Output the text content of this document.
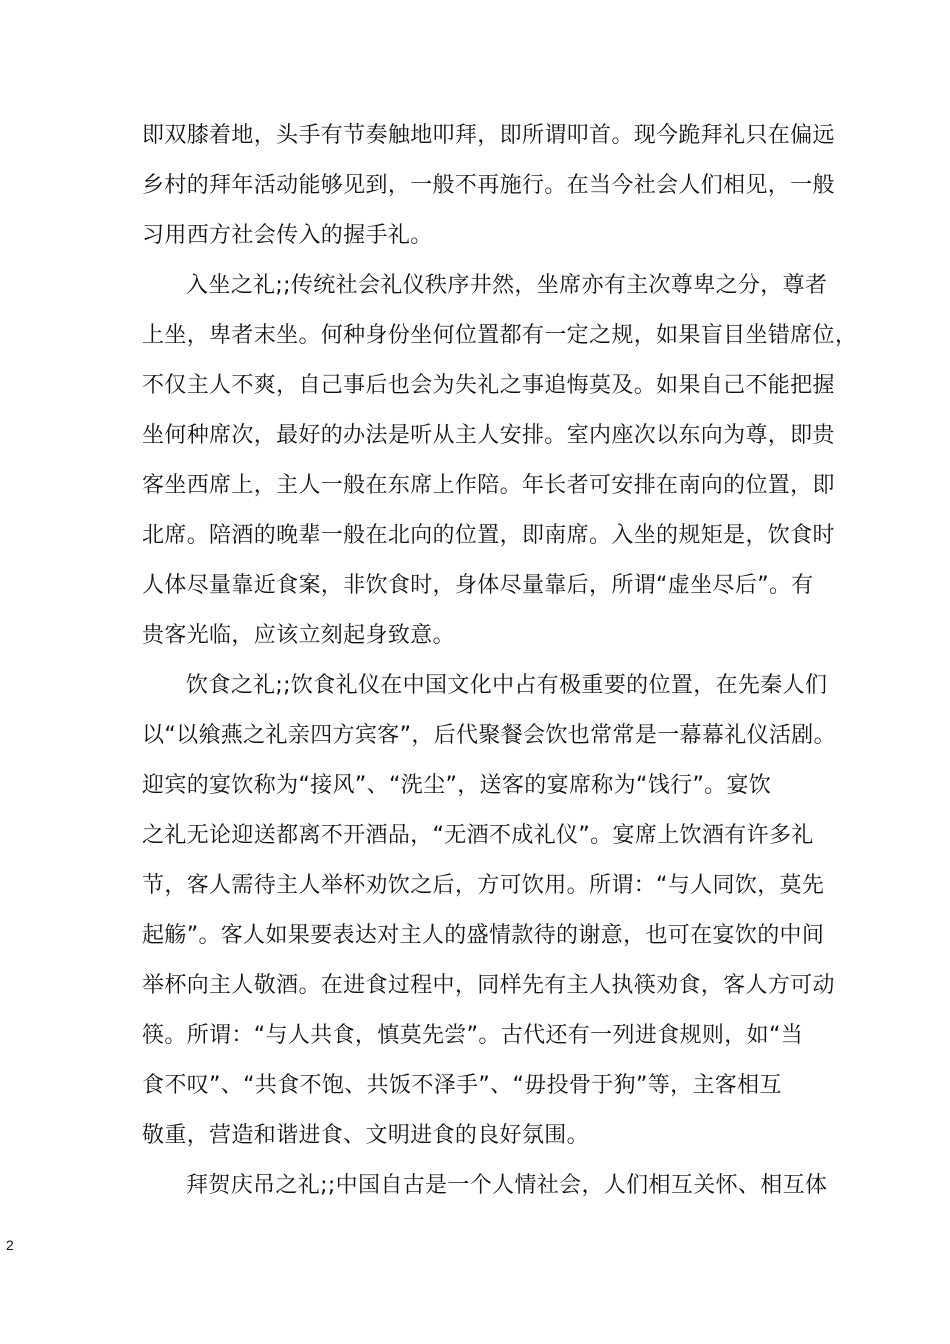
即双膝着地，头手有节奏触地叩拜，即所谓叩首。现今跪拜礼只在偏远
乡村的拜年活动能够见到，一般不再施行。在当今社会人们相见，一般
习用西方社会传入的握手礼。
入坐之礼;;传统社会礼仪秩序井然，坐席亦有主次尊卑之分，尊者
上坐，卑者末坐。何种身份坐何位置都有一定之规，如果盲目坐错席位，
不仅主人不爽，自己事后也会为失礼之事追悔莫及。如果自己不能把握
坐何种席次，最好的办法是听从主人安排。室内座次以东向为尊，即贵
客坐西席上，主人一般在东席上作陪。年长者可安排在南向的位置，即
北席。陪酒的晚辈一般在北向的位置，即南席。入坐的规矩是，饮食时
人体尽量靠近食案，非饮食时，身体尽量靠后，所谓“虚坐尽后”。有
贵客光临，应该立刻起身致意。
饮食之礼;;饮食礼仪在中国文化中占有极重要的位置，在先秦人们
以“以飨燕之礼亲四方宾客”，后代聚餐会饮也常常是一幕幕礼仪活剧。
迎宾的宴饮称为“接风”、“洗尘”，送客的宴席称为“饯行”。宴饮
之礼无论迎送都离不开酒品，“无酒不成礼仪”。宴席上饮酒有许多礼
节，客人需待主人举杯劝饮之后，方可饮用。所谓：“与人同饮，莫先
起觞”。客人如果要表达对主人的盛情款待的谢意，也可在宴饮的中间
举杯向主人敬酒。在进食过程中，同样先有主人执筷劝食，客人方可动
筷。所谓：“与人共食，慎莫先尝”。古代还有一列进食规则，如“当
食不叹”、“共食不饱、共饭不泽手”、“毋投骨于狗”等，主客相互
敬重，营造和谐进食、文明进食的良好氛围。
拜贺庆吊之礼;;中国自古是一个人情社会，人们相互关怀、相互体
2
